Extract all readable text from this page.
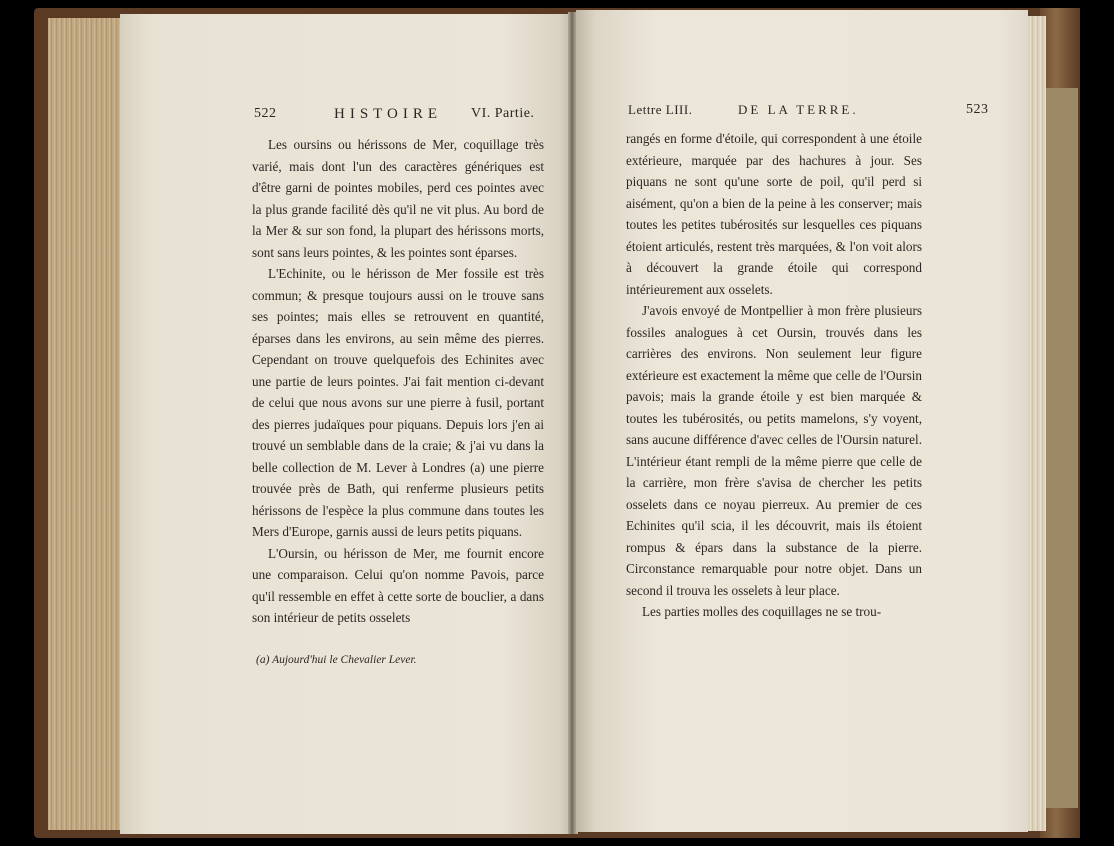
522	HISTOIRE VI. Partie.

Les oursins ou hérissons de Mer, coquillage très varié, mais dont l'un des caractères génériques est d'être garni de pointes mobiles, perd ces pointes avec la plus grande facilité dès qu'il ne vit plus. Au bord de la Mer & sur son fond, la plupart des hérissons morts, sont sans leurs pointes, & les pointes sont éparses.

L'Echinite, ou le hérisson de Mer fossile est très commun; & presque toujours aussi on le trouve sans ses pointes; mais elles se retrouvent en quantité, éparses dans les environs, au sein même des pierres. Cependant on trouve quelquefois des Echinites avec une partie de leurs pointes. J'ai fait mention ci-devant de celui que nous avons sur une pierre à fusil, portant des pierres judaïques pour piquans. Depuis lors j'en ai trouvé un semblable dans de la craie; & j'ai vu dans la belle collection de M. Lever à Londres (a) une pierre trouvée près de Bath, qui renferme plusieurs petits hérissons de l'espèce la plus commune dans toutes les Mers d'Europe, garnis aussi de leurs petits piquans.

L'Oursin, ou hérisson de Mer, me fournit encore une comparaison. Celui qu'on nomme Pavois, parce qu'il ressemble en effet à cette sorte de bouclier, a dans son intérieur de petits osselets

(a) Aujourd'hui le Chevalier Lever.
Lettre LIII.	DE LA TERRE.	523

rangés en forme d'étoile, qui correspondent à une étoile extérieure, marquée par des hachures à jour. Ses piquans ne sont qu'une sorte de poil, qu'il perd si aisément, qu'on a bien de la peine à les conserver; mais toutes les petites tubérosités sur lesquelles ces piquans étoient articulés, restent très marquées, & l'on voit alors à découvert la grande étoile qui correspond intérieurement aux osselets.

J'avois envoyé de Montpellier à mon frère plusieurs fossiles analogues à cet Oursin, trouvés dans les carrières des environs. Non seulement leur figure extérieure est exactement la même que celle de l'Oursin pavois; mais la grande étoile y est bien marquée & toutes les tubérosités, ou petits mamelons, s'y voyent, sans aucune différence d'avec celles de l'Oursin naturel. L'intérieur étant rempli de la même pierre que celle de la carrière, mon frère s'avisa de chercher les petits osselets dans ce noyau pierreux. Au premier de ces Echinites qu'il scia, il les découvrit, mais ils étoient rompus & épars dans la substance de la pierre. Circonstance remarquable pour notre objet. Dans un second il trouva les osselets à leur place.

Les parties molles des coquillages ne se trou-
